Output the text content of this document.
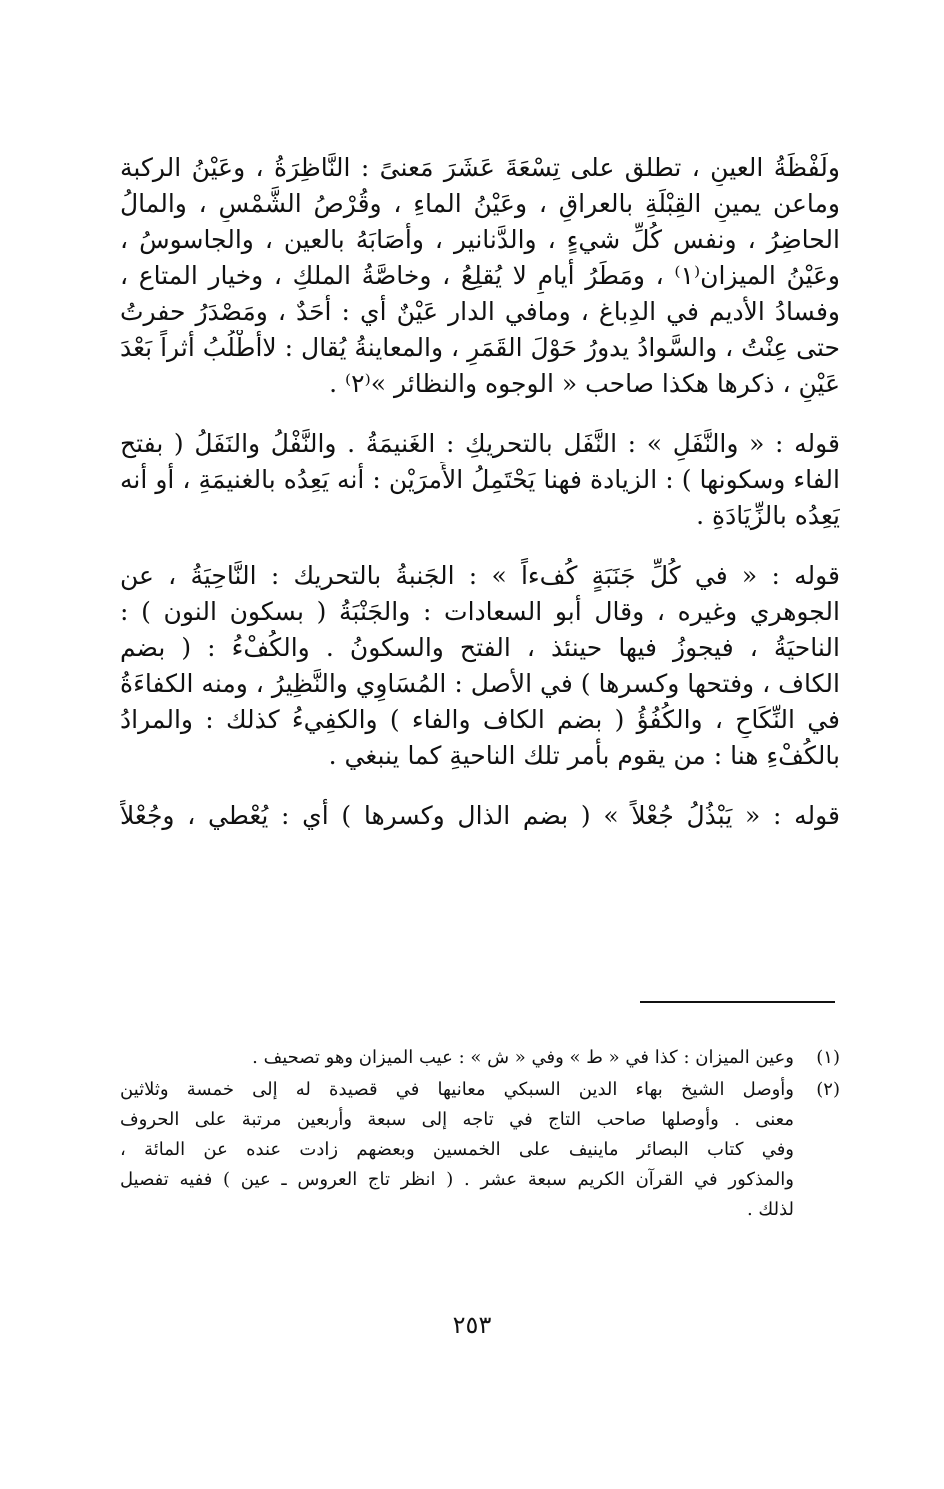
ولَفْظَةُ العينِ ، تطلق على تِسْعَةَ عَشَرَ مَعنىً : النَّاظِرَةُ ، وعَيْنُ الركبة
وماعن يمينِ القِبْلَةِ بالعراقِ ، وعَيْنُ الماءِ ، وقُرْصُ الشَّمْسِ ، والمالُ
الحاضِرُ ، ونفس كُلِّ شيءٍ ، والدَّنانير ، وأَصَابَهُ بالعين ، والجاسوسُ ،
وعَيْنُ الميزان⁽١⁾ ، ومَطَرُ أيامٍ لا يُقلِعُ ، وخاصَّةُ الملكِ ، وخيار المتاع ،
وفسادُ الأديم في الدِباغ ، ومافي الدار عَيْنٌ أي : أَحَدٌ ، ومَصْدَرُ حفرتُ
حتى عِنْتُ ، والسَّوادُ يدورُ حَوْلَ القَمَرِ ، والمعاينةُ يُقال : لاأَطْلُبُ أثراً بَعْدَ
عَيْنٍ ، ذكرها هكذا صاحب « الوجوه والنظائر »⁽٢⁾ .
قوله : « والنَّفَلِ » : النَّفَل بالتحريكِ : الغَنيمَةُ . والنَّفْلُ والنَفَلُ ( بفتح
الفاء وسكونها ) : الزيادة فهنا يَحْتَمِلُ الأَمرَيْن : أنه يَعِدُه بالغنيمَةِ ، أو أنه
يَعِدُه بالزِّيَادَةِ .
قوله : « في كُلِّ جَنَبَةٍ كُفءاً » : الجَنبةُ بالتحريك : النَّاحِيَةُ ، عن
الجوهري وغيره ، وقال أبو السعادات : والجَنْبَةُ ( بسكون النون ) :
الناحيَةُ ، فيجوزُ فيها حينئذ ، الفتح والسكونُ . والكُفْءُ : ( بضم
الكاف ، وفتحها وكسرها ) في الأصل : المُسَاوِي والنَّظِيرُ ، ومنه الكفاءَةُ
في النِّكَاحِ ، والكُفُؤُ ( بضم الكاف والفاء ) والكفِيءُ كذلك : والمرادُ
بالكُفْءِ هنا : من يقوم بأمر تلك الناحيةِ كما ينبغي .
قوله : « يَبْذُلُ جُعْلاً » ( بضم الذال وكسرها ) أي : يُعْطي ، وجُعْلاً
(١)
وعين الميزان : كذا في « ط » وفي « ش » : عيب الميزان وهو تصحيف .
(٢)
وأوصل الشيخ بهاء الدين السبكي معانيها في قصيدة له إلى خمسة وثلاثين
معنى . وأوصلها صاحب التاج في تاجه إلى سبعة وأربعين مرتبة على الحروف
وفي كتاب البصائر ماينيف على الخمسين وبعضهم زادت عنده عن المائة ،
والمذكور في القرآن الكريم سبعة عشر . ( انظر تاج العروس ـ عين ) ففيه تفصيل
لذلك .
٢٥٣
